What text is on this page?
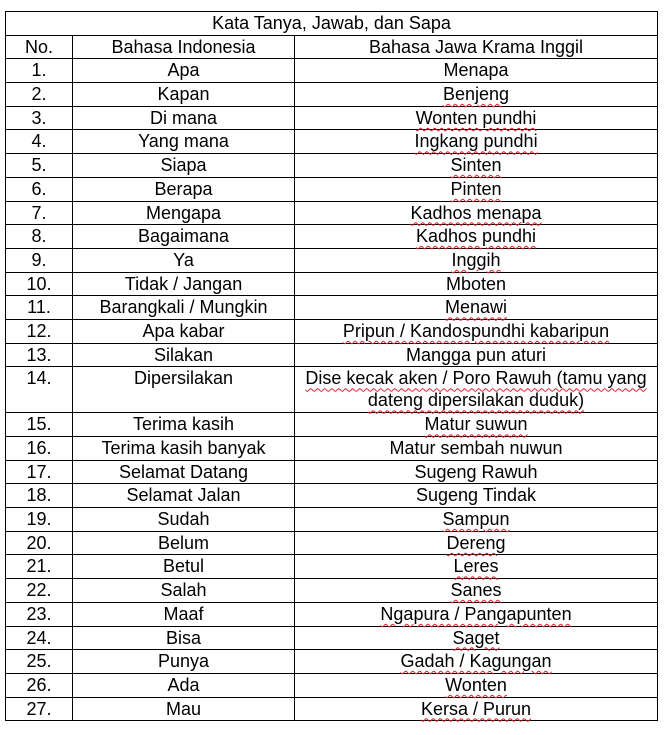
Kata Tanya, Jawab, dan Sapa		
No.	Bahasa Indonesia	Bahasa Jawa Krama Inggil
1.	Apa	Menapa
2.	Kapan	Benjeng
3.	Di mana	Wonten pundhi
4.	Yang mana	Ingkang pundhi
5.	Siapa	Sinten
6.	Berapa	Pinten
7.	Mengapa	Kadhos menapa
8.	Bagaimana	Kadhos pundhi
9.	Ya	Inggih
10.	Tidak / Jangan	Mboten
11.	Barangkali / Mungkin	Menawi
12.	Apa kabar	Pripun / Kandospundhi kabaripun
13.	Silakan	Mangga pun aturi
14.	Dipersilakan	Dise kecak aken / Poro Rawuh (tamu yang dateng dipersilakan duduk)
15.	Terima kasih	Matur suwun
16.	Terima kasih banyak	Matur sembah nuwun
17.	Selamat Datang	Sugeng Rawuh
18.	Selamat Jalan	Sugeng Tindak
19.	Sudah	Sampun
20.	Belum	Dereng
21.	Betul	Leres
22.	Salah	Sanes
23.	Maaf	Ngapura / Pangapunten
24.	Bisa	Saget
25.	Punya	Gadah / Kagungan
26.	Ada	Wonten
27.	Mau	Kersa / Purun
